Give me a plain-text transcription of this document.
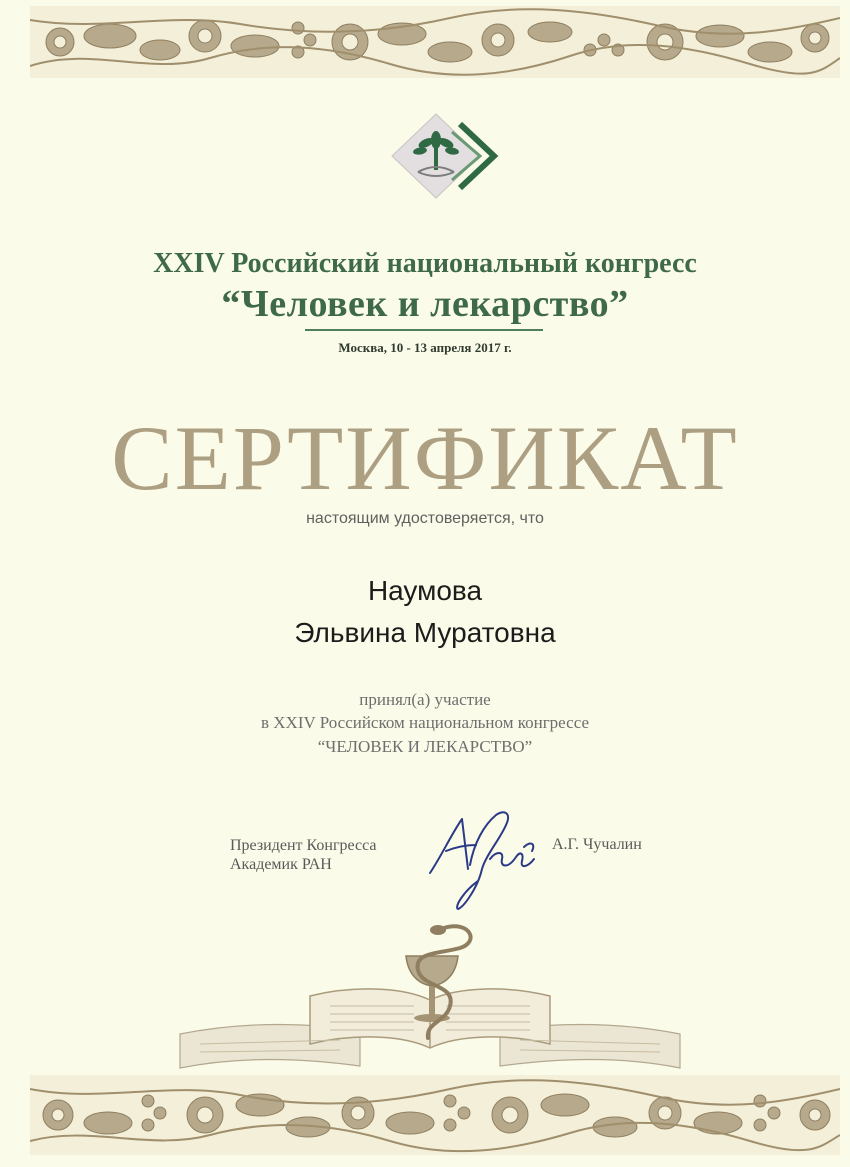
XXIV Российский национальный конгресс
“Человек и лекарство”
Москва, 10 - 13 апреля 2017 г.
СЕРТИФИКАТ
настоящим удостоверяется, что
Наумова
Эльвина Муратовна
принял(а) участие
в XXIV Российском национальном конгрессе
“ЧЕЛОВЕК И ЛЕКАРСТВО”
Президент Конгресса
Академик РАН
А.Г. Чучалин
